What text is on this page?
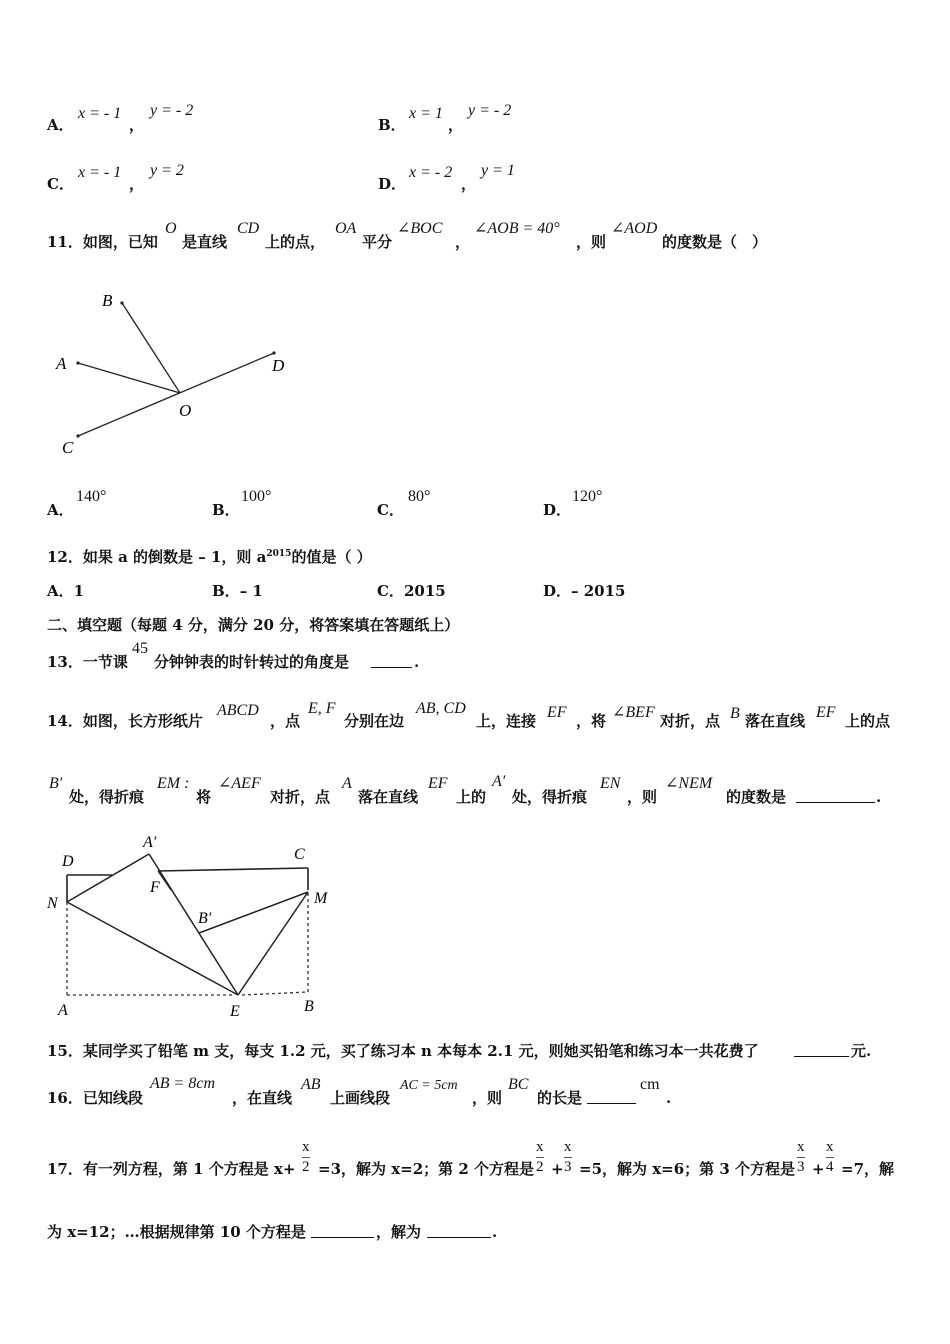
A．
x = - 1
，
y = - 2
B．
x = 1
，
y = - 2
C．
x = - 1
，
y = 2
D．
x = - 2
，
y = 1
11．如图，已知
O
是直线
CD
上的点，
OA
平分
∠BOC
，
∠AOB = 40°
，则
∠AOD
的度数是（　）
B
A	D
O
C
A．
140°
B．
100°
C．
80°
D．
120°
12．如果 a 的倒数是 – 1，则 $a^{2015}$的值是（ ）
A．1	B．– 1	C．2015	D．– 2015
二、填空题（每题 4 分，满分 20 分，将答案填在答题纸上）
13．一节课
45
分钟钟表的时针转过的角度是	.
14．如图，长方形纸片
ABCD
，点
E, F
分别在边
AB, CD
上，连接 EF ，将 ∠BEF 对折，点 B 落在直线 EF 上的点
B′
处，得折痕
EM :
将
∠AEF
对折，点
A
落在直线
EF
上的
A′
处，得折痕
EN
，则
∠NEM
的度数是	.
D
A′
C
F
N	M
B′
A	E	B
15．某同学买了铅笔 m 支，每支 1.2 元，买了练习本 n 本每本 2.1 元，则她买铅笔和练习本一共花费了	元.
16．已知线段
AB = 8cm
，在直线
AB
上画线段
AC = 5cm
，则
BC
的长是
cm
.
17．有一列方程，第 1 个方程是 x+
x
2 =3，解为 x=2；第 2 个方程是
x
2 +
x
3 =5，解为 x=6；第 3 个方程是
x
3 +
x
4 =7，解
为 x=12；…根据规律第 10 个方程是	，解为	.
